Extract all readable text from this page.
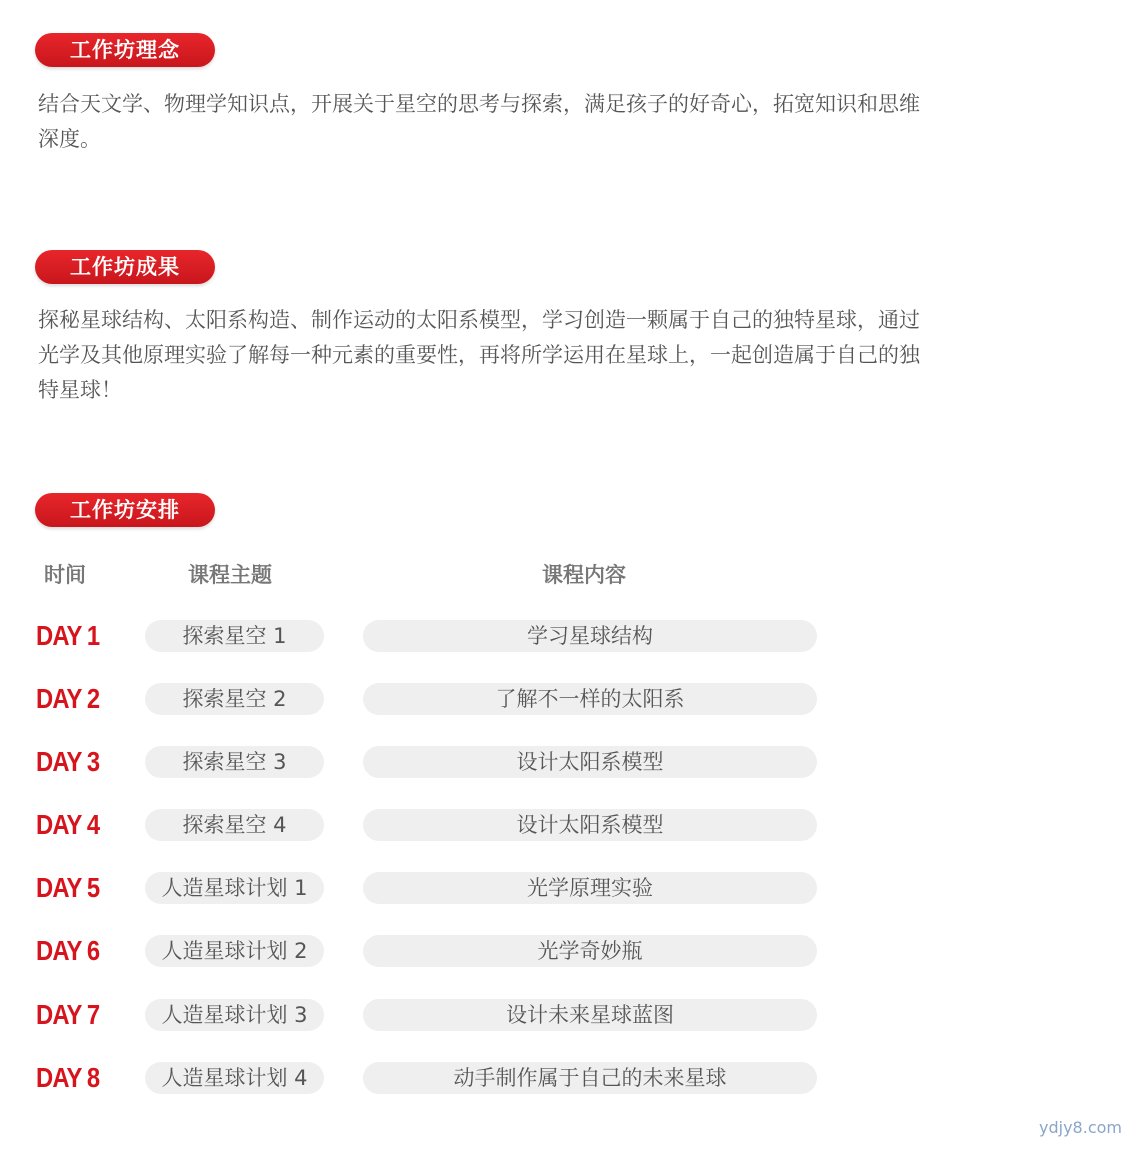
工作坊理念
结合天文学、物理学知识点，开展关于星空的思考与探索，满足孩子的好奇心，拓宽知识和思维
深度。
工作坊成果
探秘星球结构、太阳系构造、制作运动的太阳系模型，学习创造一颗属于自己的独特星球，通过
光学及其他原理实验了解每一种元素的重要性，再将所学运用在星球上，一起创造属于自己的独
特星球！
工作坊安排
时间	课程主题	课程内容
DAY 1	探索星空 1	学习星球结构
DAY 2	探索星空 2	了解不一样的太阳系
DAY 3	探索星空 3	设计太阳系模型
DAY 4	探索星空 4	设计太阳系模型
DAY 5	人造星球计划 1	光学原理实验
DAY 6	人造星球计划 2	光学奇妙瓶
DAY 7	人造星球计划 3	设计未来星球蓝图
DAY 8	人造星球计划 4	动手制作属于自己的未来星球
ydjy8.com
